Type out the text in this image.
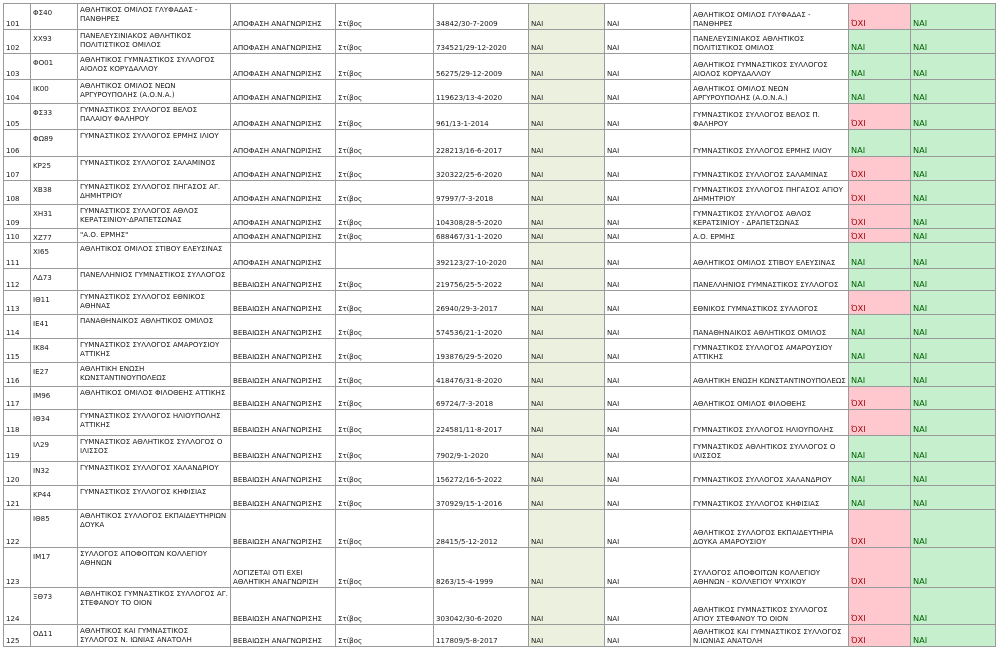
101	ΦΣ40	ΑΘΛΗΤΙΚΟΣ ΟΜΙΛΟΣ ΓΛΥΦΑΔΑΣ - ΠΑΝΘΗΡΕΣ	ΑΠΟΦΑΣΗ ΑΝΑΓΝΩΡΙΣΗΣ	Στίβος	34842/30-7-2009	ΝΑΙ	ΝΑΙ	ΑΘΛΗΤΙΚΟΣ ΟΜΙΛΟΣ ΓΛΥΦΑΔΑΣ - ΠΑΝΘΗΡΕΣ	ΌΧΙ	ΝΑΙ
102	ΧΧ93	ΠΑΝΕΛΕΥΣΙΝΙΑΚΟΣ ΑΘΛΗΤΙΚΟΣ ΠΟΛΙΤΙΣΤΙΚΟΣ ΟΜΙΛΟΣ	ΑΠΟΦΑΣΗ ΑΝΑΓΝΩΡΙΣΗΣ	Στίβος	734521/29-12-2020	ΝΑΙ	ΝΑΙ	ΠΑΝΕΛΕΥΣΙΝΙΑΚΟΣ ΑΘΛΗΤΙΚΟΣ ΠΟΛΙΤΙΣΤΙΚΟΣ ΟΜΙΛΟΣ	ΝΑΙ	ΝΑΙ
103	ΦΟ01	ΑΘΛΗΤΙΚΟΣ ΓΥΜΝΑΣΤΙΚΟΣ ΣΥΛΛΟΓΟΣ ΑΙΟΛΟΣ ΚΟΡΥΔΑΛΛΟΥ	ΑΠΟΦΑΣΗ ΑΝΑΓΝΩΡΙΣΗΣ	Στίβος	56275/29-12-2009	ΝΑΙ	ΝΑΙ	ΑΘΛΗΤΙΚΟΣ ΓΥΜΝΑΣΤΙΚΟΣ ΣΥΛΛΟΓΟΣ ΑΙΟΛΟΣ ΚΟΡΥΔΑΛΛΟΥ	ΝΑΙ	ΝΑΙ
104	ΙΚ00	ΑΘΛΗΤΙΚΟΣ ΟΜΙΛΟΣ ΝΕΩΝ ΑΡΓΥΡΟΥΠΟΛΗΣ (Α.Ο.Ν.Α.)	ΑΠΟΦΑΣΗ ΑΝΑΓΝΩΡΙΣΗΣ	Στίβος	119623/13-4-2020	ΝΑΙ	ΝΑΙ	ΑΘΛΗΤΙΚΟΣ ΟΜΙΛΟΣ ΝΕΩΝ ΑΡΓΥΡΟΥΠΟΛΗΣ (Α.Ο.Ν.Α.)	ΝΑΙ	ΝΑΙ
105	ΦΣ33	ΓΥΜΝΑΣΤΙΚΟΣ ΣΥΛΛΟΓΟΣ ΒΕΛΟΣ ΠΑΛΑΙΟΥ ΦΑΛΗΡΟΥ	ΑΠΟΦΑΣΗ ΑΝΑΓΝΩΡΙΣΗΣ	Στίβος	961/13-1-2014	ΝΑΙ	ΝΑΙ	ΓΥΜΝΑΣΤΙΚΟΣ ΣΥΛΛΟΓΟΣ ΒΕΛΟΣ Π. ΦΑΛΗΡΟΥ	ΌΧΙ	ΝΑΙ
106	ΦΩ89	ΓΥΜΝΑΣΤΙΚΟΣ ΣΥΛΛΟΓΟΣ ΕΡΜΗΣ ΙΛΙΟΥ	ΑΠΟΦΑΣΗ ΑΝΑΓΝΩΡΙΣΗΣ	Στίβος	228213/16-6-2017	ΝΑΙ	ΝΑΙ	ΓΥΜΝΑΣΤΙΚΟΣ ΣΥΛΛΟΓΟΣ ΕΡΜΗΣ ΙΛΙΟΥ	ΝΑΙ	ΝΑΙ
107	ΚΡ25	ΓΥΜΝΑΣΤΙΚΟΣ ΣΥΛΛΟΓΟΣ ΣΑΛΑΜΙΝΟΣ	ΑΠΟΦΑΣΗ ΑΝΑΓΝΩΡΙΣΗΣ	Στίβος	320322/25-6-2020	ΝΑΙ	ΝΑΙ	ΓΥΜΝΑΣΤΙΚΟΣ ΣΥΛΛΟΓΟΣ ΣΑΛΑΜΙΝΑΣ	ΌΧΙ	ΝΑΙ
108	ΧΒ38	ΓΥΜΝΑΣΤΙΚΟΣ ΣΥΛΛΟΓΟΣ ΠΗΓΑΣΟΣ ΑΓ. ΔΗΜΗΤΡΙΟΥ	ΑΠΟΦΑΣΗ ΑΝΑΓΝΩΡΙΣΗΣ	Στίβος	97997/7-3-2018	ΝΑΙ	ΝΑΙ	ΓΥΜΝΑΣΤΙΚΟΣ ΣΥΛΛΟΓΟΣ ΠΗΓΑΣΟΣ ΑΓΙΟΥ ΔΗΜΗΤΡΙΟΥ	ΌΧΙ	ΝΑΙ
109	ΧΗ31	ΓΥΜΝΑΣΤΙΚΟΣ ΣΥΛΛΟΓΟΣ ΑΘΛΟΣ ΚΕΡΑΤΣΙΝΙΟΥ-ΔΡΑΠΕΤΣΩΝΑΣ	ΑΠΟΦΑΣΗ ΑΝΑΓΝΩΡΙΣΗΣ	Στίβος	104308/28-5-2020	ΝΑΙ	ΝΑΙ	ΓΥΜΝΑΣΤΙΚΟΣ ΣΥΛΛΟΓΟΣ ΑΘΛΟΣ ΚΕΡΑΤΣΙΝΙΟΥ - ΔΡΑΠΕΤΣΩΝΑΣ	ΌΧΙ	ΝΑΙ
110	ΧΖ77	"Α.Ο. ΕΡΜΗΣ"	ΑΠΟΦΑΣΗ ΑΝΑΓΝΩΡΙΣΗΣ	Στίβος	688467/31-1-2020	ΝΑΙ	ΝΑΙ	Α.Ο. ΕΡΜΗΣ	ΌΧΙ	ΝΑΙ
111	ΧΙ65	ΑΘΛΗΤΙΚΟΣ ΟΜΙΛΟΣ ΣΤΙΒΟΥ ΕΛΕΥΣΙΝΑΣ	ΑΠΟΦΑΣΗ ΑΝΑΓΝΩΡΙΣΗΣ		392123/27-10-2020	ΝΑΙ	ΝΑΙ	ΑΘΛΗΤΙΚΟΣ ΟΜΙΛΟΣ ΣΤΙΒΟΥ ΕΛΕΥΣΙΝΑΣ	ΝΑΙ	ΝΑΙ
112	ΛΔ73	ΠΑΝΕΛΛΗΝΙΟΣ ΓΥΜΝΑΣΤΙΚΟΣ ΣΥΛΛΟΓΟΣ	ΒΕΒΑΙΩΣΗ ΑΝΑΓΝΩΡΙΣΗΣ	Στίβος	219756/25-5-2022	ΝΑΙ	ΝΑΙ	ΠΑΝΕΛΛΗΝΙΟΣ ΓΥΜΝΑΣΤΙΚΟΣ ΣΥΛΛΟΓΟΣ	ΝΑΙ	ΝΑΙ
113	ΙΘ11	ΓΥΜΝΑΣΤΙΚΟΣ ΣΥΛΛΟΓΟΣ ΕΘΝΙΚΟΣ ΑΘΗΝΑΣ	ΒΕΒΑΙΩΣΗ ΑΝΑΓΝΩΡΙΣΗΣ	Στίβος	26940/29-3-2017	ΝΑΙ	ΝΑΙ	ΕΘΝΙΚΟΣ ΓΥΜΝΑΣΤΙΚΟΣ ΣΥΛΛΟΓΟΣ	ΌΧΙ	ΝΑΙ
114	ΙΕ41	ΠΑΝΑΘΗΝΑΙΚΟΣ ΑΘΛΗΤΙΚΟΣ ΟΜΙΛΟΣ	ΒΕΒΑΙΩΣΗ ΑΝΑΓΝΩΡΙΣΗΣ	Στίβος	574536/21-1-2020	ΝΑΙ	ΝΑΙ	ΠΑΝΑΘΗΝΑΙΚΟΣ ΑΘΛΗΤΙΚΟΣ ΟΜΙΛΟΣ	ΝΑΙ	ΝΑΙ
115	ΙΚ84	ΓΥΜΝΑΣΤΙΚΟΣ ΣΥΛΛΟΓΟΣ ΑΜΑΡΟΥΣΙΟΥ ΑΤΤΙΚΗΣ	ΒΕΒΑΙΩΣΗ ΑΝΑΓΝΩΡΙΣΗΣ	Στίβος	193876/29-5-2020	ΝΑΙ	ΝΑΙ	ΓΥΜΝΑΣΤΙΚΟΣ ΣΥΛΛΟΓΟΣ ΑΜΑΡΟΥΣΙΟΥ ΑΤΤΙΚΗΣ	ΝΑΙ	ΝΑΙ
116	ΙΕ27	ΑΘΛΗΤΙΚΗ ΕΝΩΣΗ ΚΩΝΣΤΑΝΤΙΝΟΥΠΟΛΕΩΣ	ΒΕΒΑΙΩΣΗ ΑΝΑΓΝΩΡΙΣΗΣ	Στίβος	418476/31-8-2020	ΝΑΙ	ΝΑΙ	ΑΘΛΗΤΙΚΗ ΕΝΩΣΗ ΚΩΝΣΤΑΝΤΙΝΟΥΠΟΛΕΩΣ	ΝΑΙ	ΝΑΙ
117	ΙΜ96	ΑΘΛΗΤΙΚΟΣ ΟΜΙΛΟΣ ΦΙΛΟΘΕΗΣ ΑΤΤΙΚΗΣ	ΒΕΒΑΙΩΣΗ ΑΝΑΓΝΩΡΙΣΗΣ	Στίβος	69724/7-3-2018	ΝΑΙ	ΝΑΙ	ΑΘΛΗΤΙΚΟΣ ΟΜΙΛΟΣ ΦΙΛΟΘΕΗΣ	ΌΧΙ	ΝΑΙ
118	ΙΘ34	ΓΥΜΝΑΣΤΙΚΟΣ ΣΥΛΛΟΓΟΣ ΗΛΙΟΥΠΟΛΗΣ ΑΤΤΙΚΗΣ	ΒΕΒΑΙΩΣΗ ΑΝΑΓΝΩΡΙΣΗΣ	Στίβος	224581/11-8-2017	ΝΑΙ	ΝΑΙ	ΓΥΜΝΑΣΤΙΚΟΣ ΣΥΛΛΟΓΟΣ ΗΛΙΟΥΠΟΛΗΣ	ΌΧΙ	ΝΑΙ
119	ΙΛ29	ΓΥΜΝΑΣΤΙΚΟΣ ΑΘΛΗΤΙΚΟΣ ΣΥΛΛΟΓΟΣ Ο ΙΛΙΣΣΟΣ	ΒΕΒΑΙΩΣΗ ΑΝΑΓΝΩΡΙΣΗΣ	Στίβος	7902/9-1-2020	ΝΑΙ	ΝΑΙ	ΓΥΜΝΑΣΤΙΚΟΣ ΑΘΛΗΤΙΚΟΣ ΣΥΛΛΟΓΟΣ Ο ΙΛΙΣΣΟΣ	ΝΑΙ	ΝΑΙ
120	ΙΝ32	ΓΥΜΝΑΣΤΙΚΟΣ ΣΥΛΛΟΓΟΣ ΧΑΛΑΝΔΡΙΟΥ	ΒΕΒΑΙΩΣΗ ΑΝΑΓΝΩΡΙΣΗΣ	Στίβος	156272/16-5-2022	ΝΑΙ	ΝΑΙ	ΓΥΜΝΑΣΤΙΚΟΣ ΣΥΛΛΟΓΟΣ ΧΑΛΑΝΔΡΙΟΥ	ΝΑΙ	ΝΑΙ
121	ΚΡ44	ΓΥΜΝΑΣΤΙΚΟΣ ΣΥΛΛΟΓΟΣ ΚΗΦΙΣΙΑΣ	ΒΕΒΑΙΩΣΗ ΑΝΑΓΝΩΡΙΣΗΣ	Στίβος	370929/15-1-2016	ΝΑΙ	ΝΑΙ	ΓΥΜΝΑΣΤΙΚΟΣ ΣΥΛΛΟΓΟΣ ΚΗΦΙΣΙΑΣ	ΝΑΙ	ΝΑΙ
122	ΙΘ85	ΑΘΛΗΤΙΚΟΣ ΣΥΛΛΟΓΟΣ ΕΚΠΑΙΔΕΥΤΗΡΙΩΝ ΔΟΥΚΑ	ΒΕΒΑΙΩΣΗ ΑΝΑΓΝΩΡΙΣΗΣ	Στίβος	28415/5-12-2012	ΝΑΙ	ΝΑΙ	ΑΘΛΗΤΙΚΟΣ ΣΥΛΛΟΓΟΣ ΕΚΠΑΙΔΕΥΤΗΡΙΑ ΔΟΥΚΑ ΑΜΑΡΟΥΣΙΟΥ	ΌΧΙ	ΝΑΙ
123	ΙΜ17	ΣΥΛΛΟΓΟΣ ΑΠΟΦΟΙΤΩΝ ΚΟΛΛΕΓΙΟΥ ΑΘΗΝΩΝ	ΛΟΓΙΖΕΤΑΙ ΟΤΙ ΕΧΕΙ ΑΘΛΗΤΙΚΗ ΑΝΑΓΝΩΡΙΣΗ	Στίβος	8263/15-4-1999	ΝΑΙ	ΝΑΙ	ΣΥΛΛΟΓΟΣ ΑΠΟΦΟΙΤΩΝ ΚΟΛΛΕΓΙΟΥ ΑΘΗΝΩΝ - ΚΟΛΛΕΓΙΟΥ ΨΥΧΙΚΟΥ	ΌΧΙ	ΝΑΙ
124	ΞΘ73	ΑΘΛΗΤΙΚΟΣ ΓΥΜΝΑΣΤΙΚΟΣ ΣΥΛΛΟΓΟΣ ΑΓ. ΣΤΕΦΑΝΟΥ ΤΟ ΟΙΟΝ	ΒΕΒΑΙΩΣΗ ΑΝΑΓΝΩΡΙΣΗΣ	Στίβος	303042/30-6-2020	ΝΑΙ	ΝΑΙ	ΑΘΛΗΤΙΚΟΣ ΓΥΜΝΑΣΤΙΚΟΣ ΣΥΛΛΟΓΟΣ ΑΓΙΟΥ ΣΤΕΦΑΝΟΥ ΤΟ ΟΙΟΝ	ΌΧΙ	ΝΑΙ
125	ΟΔ11	ΑΘΛΗΤΙΚΟΣ ΚΑΙ ΓΥΜΝΑΣΤΙΚΟΣ ΣΥΛΛΟΓΟΣ Ν. ΙΩΝΙΑΣ ΑΝΑΤΟΛΗ	ΒΕΒΑΙΩΣΗ ΑΝΑΓΝΩΡΙΣΗΣ	Στίβος	117809/5-8-2017	ΝΑΙ	ΝΑΙ	ΑΘΛΗΤΙΚΟΣ ΚΑΙ ΓΥΜΝΑΣΤΙΚΟΣ ΣΥΛΛΟΓΟΣ Ν.ΙΩΝΙΑΣ ΑΝΑΤΟΛΗ	ΌΧΙ	ΝΑΙ
